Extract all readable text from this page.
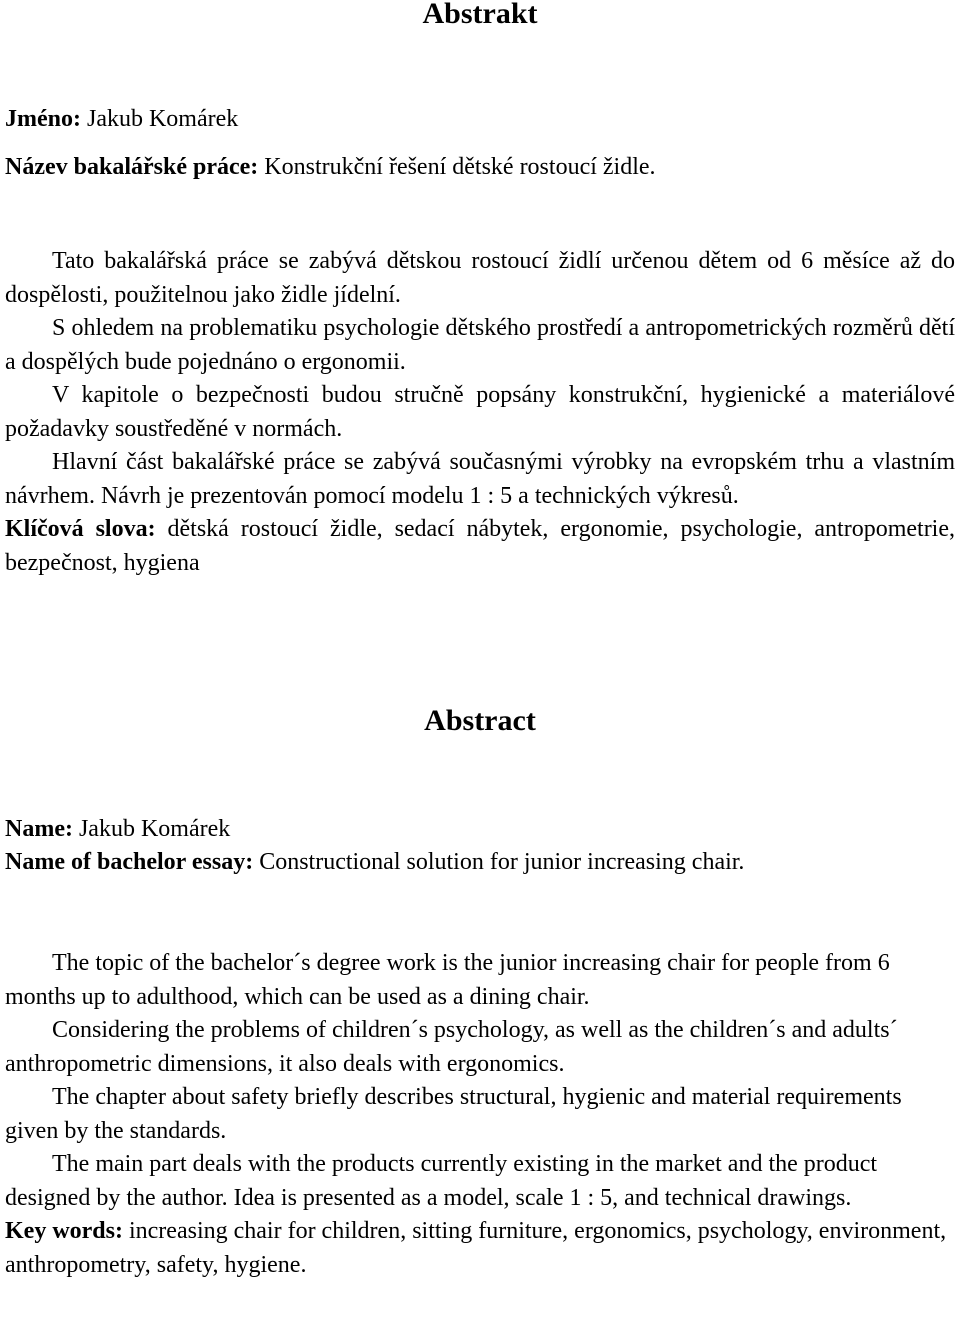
Abstrakt

Jméno: Jakub Komárek

Název bakalářské práce: Konstrukční řešení dětské rostoucí židle.

Tato bakalářská práce se zabývá dětskou rostoucí židlí určenou dětem od 6 měsíce až do dospělosti, použitelnou jako židle jídelní.

S ohledem na problematiku psychologie dětského prostředí a antropometrických rozměrů dětí a dospělých bude pojednáno o ergonomii.

V kapitole o bezpečnosti budou stručně popsány konstrukční, hygienické a materiálové požadavky soustředěné v normách.

Hlavní část bakalářské práce se zabývá současnými výrobky na evropském trhu a vlastním návrhem. Návrh je prezentován pomocí modelu 1 : 5 a technických výkresů.

Klíčová slova: dětská rostoucí židle, sedací nábytek, ergonomie, psychologie, antropometrie, bezpečnost, hygiena

Abstract

Name: Jakub Komárek

Name of bachelor essay: Constructional solution for junior increasing chair.

The topic of the bachelor´s degree work is the junior increasing chair for people from 6 months up to adulthood, which can be used as a dining chair.

Considering the problems of children´s psychology, as well as the children´s and adults´ anthropometric dimensions, it also deals with ergonomics.

The chapter about safety briefly describes structural, hygienic and material requirements given by the standards.

The main part deals with the products currently existing in the market and the product designed by the author. Idea is presented as a model, scale 1 : 5, and technical drawings.

Key words: increasing chair for children, sitting furniture, ergonomics, psychology, environment, anthropometry, safety, hygiene.
